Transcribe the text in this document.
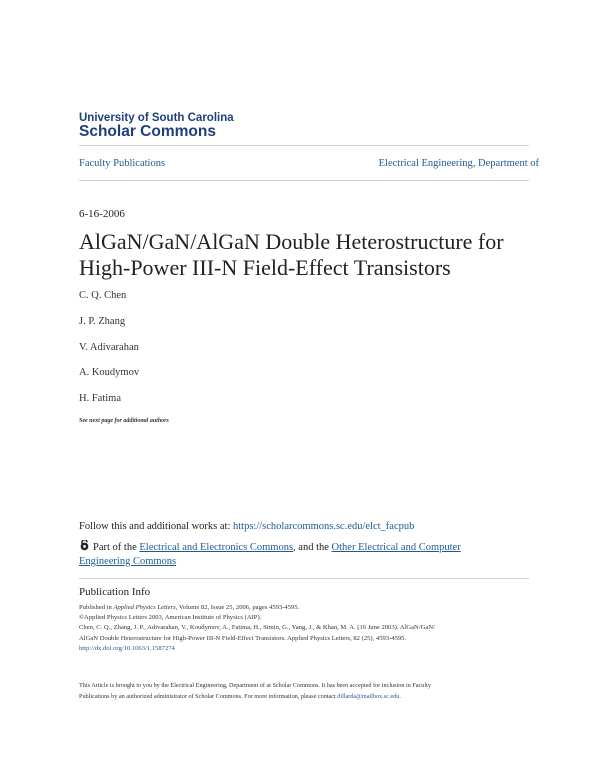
University of South Carolina
Scholar Commons
Faculty Publications	Electrical Engineering, Department of
6-16-2006
AlGaN/GaN/AlGaN Double Heterostructure for
High-Power III-N Field-Effect Transistors
C. Q. Chen
J. P. Zhang
V. Adivarahan
A. Koudymov
H. Fatima
See next page for additional authors
Follow this and additional works at: https://scholarcommons.sc.edu/elct_facpub
Part of the Electrical and Electronics Commons, and the Other Electrical and Computer
Engineering Commons
Publication Info
Published in Applied Physics Letters, Volume 82, Issue 25, 2006, pages 4593-4595.
©Applied Physics Letters 2003, American Institute of Physics (AIP).
Chen, C. Q., Zhang, J. P., Adivarahan, V., Koudymov, A., Fatima, H., Simin, G., Yang, J., & Khan, M. A. (16 June 2003). AlGaN/GaN/
AlGaN Double Heterostructure for High-Power III-N Field-Effect Transistors. Applied Physics Letters, 82 (25), 4593-4595.
http://dx.doi.org/10.1063/1.1587274
This Article is brought to you by the Electrical Engineering, Department of at Scholar Commons. It has been accepted for inclusion in Faculty
Publications by an authorized administrator of Scholar Commons. For more information, please contact dillarda@mailbox.sc.edu.
